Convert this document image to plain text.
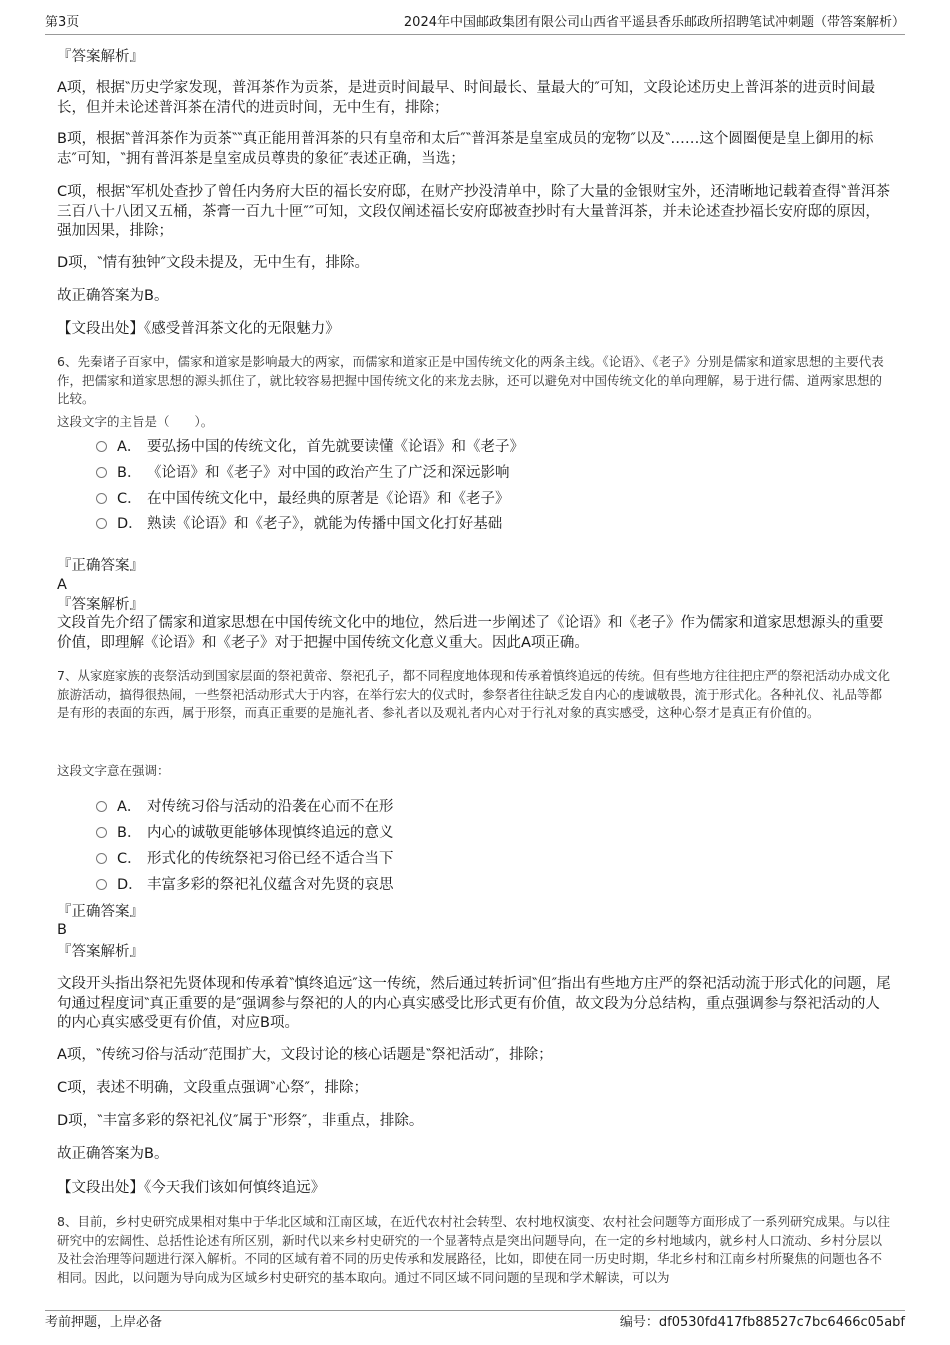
第3页	2024年中国邮政集团有限公司山西省平遥县香乐邮政所招聘笔试冲刺题（带答案解析）
『答案解析』
A项，根据‶历史学家发现，普洱茶作为贡茶，是进贡时间最早、时间最长、量最大的″可知，文段论述历史上普洱茶的进贡时间最长，但并未论述普洱茶在清代的进贡时间，无中生有，排除；
B项，根据‶普洱茶作为贡茶‶‶真正能用普洱茶的只有皇帝和太后″‶普洱茶是皇室成员的宠物″以及‶……这个圆圈便是皇上御用的标志″可知，‶拥有普洱茶是皇室成员尊贵的象征″表述正确，当选；
C项，根据‶军机处查抄了曾任内务府大臣的福长安府邸，在财产抄没清单中，除了大量的金银财宝外，还清晰地记载着查得‶普洱茶三百八十八团又五桶，茶膏一百九十匣″″可知，文段仅阐述福长安府邸被查抄时有大量普洱茶，并未论述查抄福长安府邸的原因，强加因果，排除；
D项，‶情有独钟″文段未提及，无中生有，排除。
故正确答案为B。
【文段出处】《感受普洱茶文化的无限魅力》
6、先秦诸子百家中，儒家和道家是影响最大的两家，而儒家和道家正是中国传统文化的两条主线。《论语》、《老子》分别是儒家和道家思想的主要代表作，把儒家和道家思想的源头抓住了，就比较容易把握中国传统文化的来龙去脉，还可以避免对中国传统文化的单向理解，易于进行儒、道两家思想的比较。
这段文字的主旨是（　　）。
A． 要弘扬中国的传统文化，首先就要读懂《论语》和《老子》
B． 《论语》和《老子》对中国的政治产生了广泛和深远影响
C． 在中国传统文化中，最经典的原著是《论语》和《老子》
D． 熟读《论语》和《老子》，就能为传播中国文化打好基础
『正确答案』
A
『答案解析』
文段首先介绍了儒家和道家思想在中国传统文化中的地位，然后进一步阐述了《论语》和《老子》作为儒家和道家思想源头的重要价值，即理解《论语》和《老子》对于把握中国传统文化意义重大。因此A项正确。
7、从家庭家族的丧祭活动到国家层面的祭祀黄帝、祭祀孔子，都不同程度地体现和传承着慎终追远的传统。但有些地方往往把庄严的祭祀活动办成文化旅游活动，搞得很热闹，一些祭祀活动形式大于内容，在举行宏大的仪式时，参祭者往往缺乏发自内心的虔诚敬畏，流于形式化。各种礼仪、礼品等都是有形的表面的东西，属于形祭，而真正重要的是施礼者、参礼者以及观礼者内心对于行礼对象的真实感受，这种心祭才是真正有价值的。
这段文字意在强调：
A． 对传统习俗与活动的沿袭在心而不在形
B． 内心的诚敬更能够体现慎终追远的意义
C． 形式化的传统祭祀习俗已经不适合当下
D． 丰富多彩的祭祀礼仪蕴含对先贤的哀思
『正确答案』
B
『答案解析』
文段开头指出祭祀先贤体现和传承着‶慎终追远″这一传统，然后通过转折词‶但″指出有些地方庄严的祭祀活动流于形式化的问题，尾句通过程度词‶真正重要的是″强调参与祭祀的人的内心真实感受比形式更有价值，故文段为分总结构，重点强调参与祭祀活动的人的内心真实感受更有价值，对应B项。
A项，‶传统习俗与活动″范围扩大，文段讨论的核心话题是‶祭祀活动″，排除；
C项，表述不明确，文段重点强调‶心祭″，排除；
D项，‶丰富多彩的祭祀礼仪″属于‶形祭″，非重点，排除。
故正确答案为B。
【文段出处】《今天我们该如何慎终追远》
8、目前，乡村史研究成果相对集中于华北区域和江南区域，在近代农村社会转型、农村地权演变、农村社会问题等方面形成了一系列研究成果。与以往研究中的宏阔性、总括性论述有所区别，新时代以来乡村史研究的一个显著特点是突出问题导向，在一定的乡村地域内，就乡村人口流动、乡村分层以及社会治理等问题进行深入解析。不同的区域有着不同的历史传承和发展路径，比如，即使在同一历史时期，华北乡村和江南乡村所聚焦的问题也各不相同。因此，以问题为导向成为区域乡村史研究的基本取向。通过不同区域不同问题的呈现和学术解读，可以为
考前押题，上岸必备	编号：df0530fd417fb88527c7bc6466c05abf
